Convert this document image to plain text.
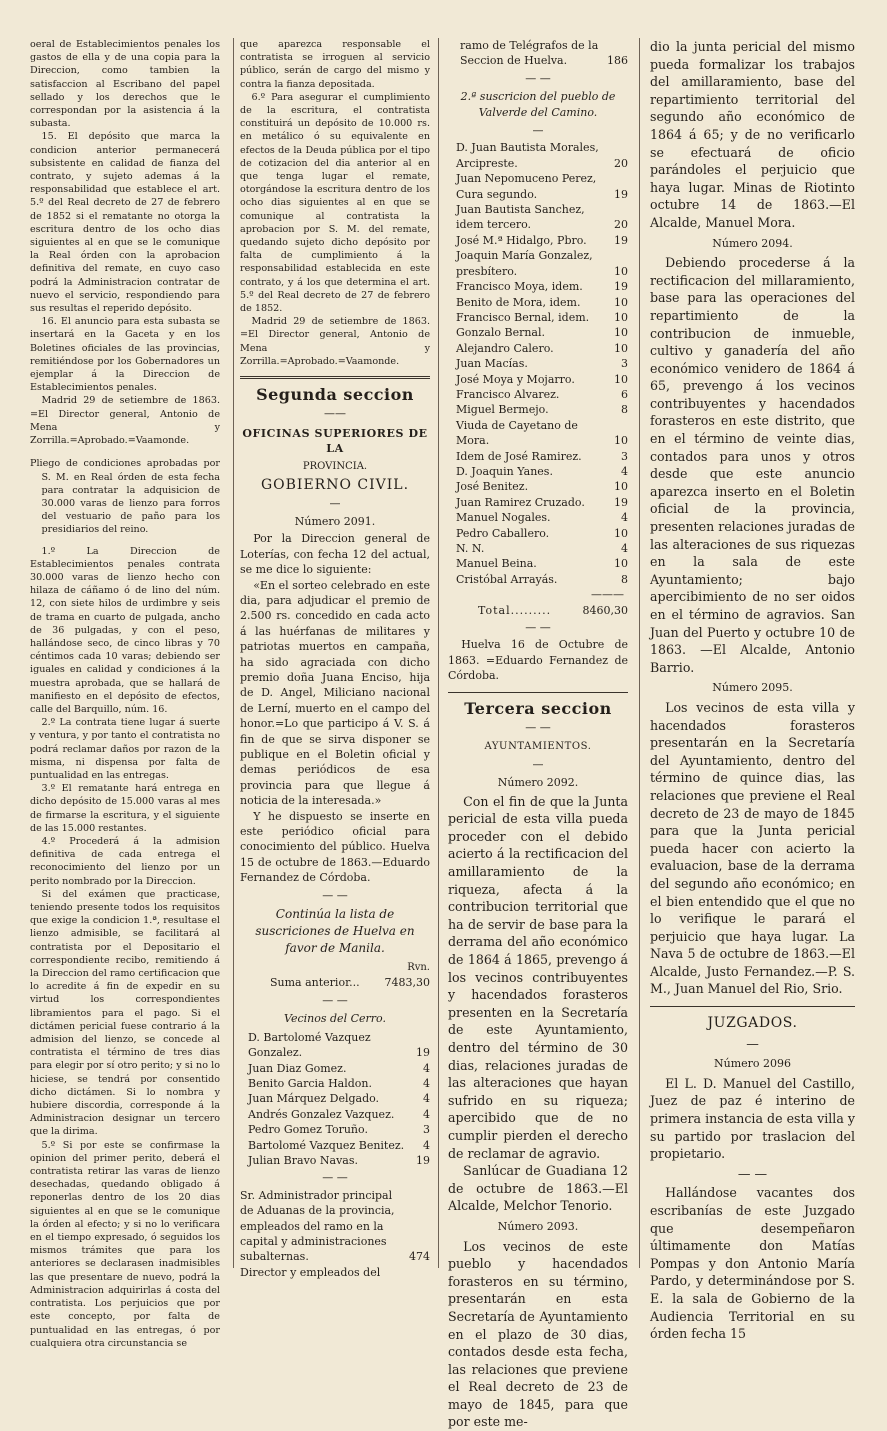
oeral de Establecimientos penales los gastos de ella y de una copia para la Direccion, como tambien la satisfaccion al Escribano del papel sellado y los derechos que le correspondan por la asistencia á la subasta.

15. El depósito que marca la condicion anterior permanecerá subsistente en calidad de fianza del contrato, y sujeto ademas á la responsabilidad que establece el art. 5.º del Real decreto de 27 de febrero de 1852 si el rematante no otorga la escritura dentro de los ocho dias siguientes al en que se le comunique la Real órden con la aprobacion definitiva del remate, en cuyo caso podrá la Administracion contratar de nuevo el servicio, respondiendo para sus resultas el reperido depósito.

16. El anuncio para esta subasta se insertará en la Gaceta y en los Boletines oficiales de las provincias, remitiéndose por los Gobernadores un ejemplar á la Direccion de Establecimientos penales.

Madrid 29 de setiembre de 1863. =El Director general, Antonio de Mena y Zorrilla.=Aprobado.=Vaamonde.

Pliego de condiciones aprobadas por S. M. en Real órden de esta fecha para contratar la adquisicion de 30.000 varas de lienzo para forros del vestuario de paño para los presidiarios del reino.

1.º La Direccion de Establecimientos penales contrata 30.000 varas de lienzo hecho con hilaza de cáñamo ó de lino del núm. 12, con siete hilos de urdimbre y seis de trama en cuarto de pulgada, ancho de 36 pulgadas, y con el peso, hallándose seco, de cinco libras y 70 céntimos cada 10 varas; debiendo ser iguales en calidad y condiciones á la muestra aprobada, que se hallará de manifiesto en el depósito de efectos, calle del Barquillo, núm. 16.

2.º La contrata tiene lugar á suerte y ventura, y por tanto el contratista no podrá reclamar daños por razon de la misma, ni dispensa por falta de puntualidad en las entregas.

3.º El rematante hará entrega en dicho depósito de 15.000 varas al mes de firmarse la escritura, y el siguiente de las 15.000 restantes.

4.º Procederá á la admision definitiva de cada entrega el reconocimiento del lienzo por un perito nombrado por la Direccion.

Si del exámen que practicase, teniendo presente todos los requisitos que exige la condicion 1.ª, resultase el lienzo admisible, se facilitará al contratista por el Depositario el correspondiente recibo, remitiendo á la Direccion del ramo certificacion que lo acredite á fin de expedir en su virtud los correspondientes libramientos para el pago. Si el dictámen pericial fuese contrario á la admision del lienzo, se concede al contratista el término de tres dias para elegir por sí otro perito; y si no lo hiciese, se tendrá por consentido dicho dictámen. Si lo nombra y hubiere discordia, corresponde á la Administracion designar un tercero que la dirima.

5.º Si por este se confirmase la opinion del primer perito, deberá el contratista retirar las varas de lienzo desechadas, quedando obligado á reponerlas dentro de los 20 dias siguientes al en que se le comunique la órden al efecto; y si no lo verificara en el tiempo expresado, ó seguidos los mismos trámites que para los anteriores se declarasen inadmisibles las que presentare de nuevo, podrá la Administracion adquirirlas á costa del contratista. Los perjuicios que por este concepto, por falta de puntualidad en las entregas, ó por cualquiera otra circunstancia se

que aparezca responsable el contratista se irroguen al servicio público, serán de cargo del mismo y contra la fianza depositada.

6.º Para asegurar el cumplimiento de la escritura, el contratista constituirá un depósito de 10.000 rs. en metálico ó su equivalente en efectos de la Deuda pública por el tipo de cotizacion del dia anterior al en que tenga lugar el remate, otorgándose la escritura dentro de los ocho dias siguientes al en que se comunique al contratista la aprobacion por S. M. del remate, quedando sujeto dicho depósito por falta de cumplimiento á la responsabilidad establecida en este contrato, y á los que determina el art. 5.º del Real decreto de 27 de febrero de 1852.

Madrid 29 de setiembre de 1863. =El Director general, Antonio de Mena y Zorrilla.=Aprobado.=Vaamonde.

Segunda seccion
——
OFICINAS SUPERIORES DE LA
PROVINCIA.
GOBIERNO CIVIL.
—
Número 2091.

Por la Direccion general de Loterías, con fecha 12 del actual, se me dice lo siguiente:

«En el sorteo celebrado en este dia, para adjudicar el premio de 2.500 rs. concedido en cada acto á las huérfanas de militares y patriotas muertos en campaña, ha sido agraciada con dicho premio doña Juana Enciso, hija de D. Angel, Miliciano nacional de Lerní, muerto en el campo del honor.=Lo que participo á V. S. á fin de que se sirva disponer se publique en el Boletin oficial y demas periódicos de esa provincia para que llegue á noticia de la interesada.»

Y he dispuesto se inserte en este periódico oficial para conocimiento del público. Huelva 15 de octubre de 1863.—Eduardo Fernandez de Córdoba.

— —

Continúa la lista de suscriciones de Huelva en favor de Manila.

Rvn.
Suma anterior...	7483,30
— —
Vecinos del Cerro.
D. Bartolomé Vazquez Gonzalez.	19
Juan Diaz Gomez.	4
Benito Garcia Haldon.	4
Juan Márquez Delgado.	4
Andrés Gonzalez Vazquez.	4
Pedro Gomez Toruño.	3
Bartolomé Vazquez Benitez.	4
Julian Bravo Navas.	19
— —
Sr. Administrador principal de Aduanas de la provincia, empleados del ramo en la capital y administraciones subalternas.	474

Director y empleados del

ramo de Telégrafos de la Seccion de Huelva.	186
— —
2.ª suscricion del pueblo de Valverde del Camino.
—
D. Juan Bautista Morales, Arcipreste.	20
Juan Nepomuceno Perez, Cura segundo.	19
Juan Bautista Sanchez, idem tercero.	20
José M.ª Hidalgo, Pbro.	19
Joaquin María Gonzalez, presbítero.	10
Francisco Moya, idem.	19
Benito de Mora, idem.	10
Francisco Bernal, idem.	10
Gonzalo Bernal.	10
Alejandro Calero.	10
Juan Macías.	3
José Moya y Mojarro.	10
Francisco Alvarez.	6
Miguel Bermejo.	8
Viuda de Cayetano de Mora.	10
Idem de José Ramirez.	3
D. Joaquin Yanes.	4
José Benitez.	10
Juan Ramirez Cruzado.	19
Manuel Nogales.	4
Pedro Caballero.	10
N. N.	4
Manuel Beina.	10
Cristóbal Arrayás.	8
———
Total.........	8460,30
— —

Huelva 16 de Octubre de 1863. =Eduardo Fernandez de Córdoba.

Tercera seccion
— —
AYUNTAMIENTOS.
—
Número 2092.

Con el fin de que la Junta pericial de esta villa pueda proceder con el debido acierto á la rectificacion del amillaramiento de la riqueza, afecta á la contribucion territorial que ha de servir de base para la derrama del año económico de 1864 á 1865, prevengo á los vecinos contribuyentes y hacendados forasteros presenten en la Secretaría de este Ayuntamiento, dentro del término de 30 dias, relaciones juradas de las alteraciones que hayan sufrido en su riqueza; apercibido que de no cumplir pierden el derecho de reclamar de agravio.

Sanlúcar de Guadiana 12 de octubre de 1863.—El Alcalde, Melchor Tenorio.

Número 2093.

Los vecinos de este pueblo y hacendados forasteros en su término, presentarán en esta Secretaría de Ayuntamiento en el plazo de 30 dias, contados desde esta fecha, las relaciones que previene el Real decreto de 23 de mayo de 1845, para que por este me-

dio la junta pericial del mismo pueda formalizar los trabajos del amillaramiento, base del repartimiento territorial del segundo año económico de 1864 á 65; y de no verificarlo se efectuará de oficio parándoles el perjuicio que haya lugar. Minas de Riotinto octubre 14 de 1863.—El Alcalde, Manuel Mora.

Número 2094.

Debiendo procederse á la rectificacion del millaramiento, base para las operaciones del repartimiento de la contribucion de inmueble, cultivo y ganadería del año económico venidero de 1864 á 65, prevengo á los vecinos contribuyentes y hacendados forasteros en este distrito, que en el término de veinte dias, contados para unos y otros desde que este anuncio aparezca inserto en el Boletin oficial de la provincia, presenten relaciones juradas de las alteraciones de sus riquezas en la sala de este Ayuntamiento; bajo apercibimiento de no ser oidos en el término de agravios. San Juan del Puerto y octubre 10 de 1863. —El Alcalde, Antonio Barrio.

Número 2095.

Los vecinos de esta villa y hacendados forasteros presentarán en la Secretaría del Ayuntamiento, dentro del término de quince dias, las relaciones que previene el Real decreto de 23 de mayo de 1845 para que la Junta pericial pueda hacer con acierto la evaluacion, base de la derrama del segundo año económico; en el bien entendido que el que no lo verifique le parará el perjuicio que haya lugar. La Nava 5 de octubre de 1863.—El Alcalde, Justo Fernandez.—P. S. M., Juan Manuel del Rio, Srio.

JUZGADOS.
—
Número 2096

El L. D. Manuel del Castillo, Juez de paz é interino de primera instancia de esta villa y su partido por traslacion del propietario.

— —

Hallándose vacantes dos escribanías de este Juzgado que desempeñaron últimamente don Matías Pompas y don Antonio María Pardo, y determinándose por S. E. la sala de Gobierno de la Audiencia Territorial en su órden fecha 15
